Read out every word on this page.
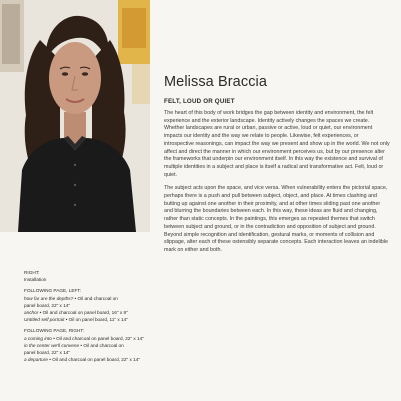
Melissa Braccia
FELT, LOUD OR QUIET

The heart of this body of work bridges the gap between identity and environment, the felt experience and the exterior landscape. Identity actively changes the spaces we create. Whether landscapes are rural or urban, passive or active, loud or quiet, our environment impacts our identity and the way we relate to people. Likewise, felt experiences, or introspective reasonings, can impact the way we present and show up in the world. We not only affect and direct the manner in which our environment perceives us, but by our presence alter the frameworks that underpin our environment itself. In this way the existence and survival of multiple identities in a subject and place is itself a radical and transformative act. Felt, loud or quiet.

The subject acts upon the space, and vice versa. When vulnerability enters the pictorial space, perhaps there is a push and pull between subject, object, and place. At times clashing and butting up against one another in their proximity, and at other times sliding past one another and blurring the boundaries between each. In this way, these ideas are fluid and changing, rather than static concepts. In the paintings, this emerges as repeated themes that switch between subject and ground, or in the contradiction and opposition of subject and ground. Beyond simple recognition and identification, gestural marks, or moments of collision and slippage, alter each of these ostensibly separate concepts. Each interaction leaves an indelible mark on either and both.

RIGHT:
Installation
FOLLOWING PAGE, LEFT:
how far are the depths? • Oil and charcoal on
panel board, 22" x 14"
anchor • Oil and charcoal on panel board, 16" x 9"
Untitled self portrait • Oil on panel board, 11" x 14"
FOLLOWING PAGE, RIGHT:
a coming into • Oil and charcoal on panel board, 22" x 14"
in the center we'll convene • Oil and charcoal on
panel board, 22" x 14"
a departure • Oil and charcoal on panel board, 22" x 14"
